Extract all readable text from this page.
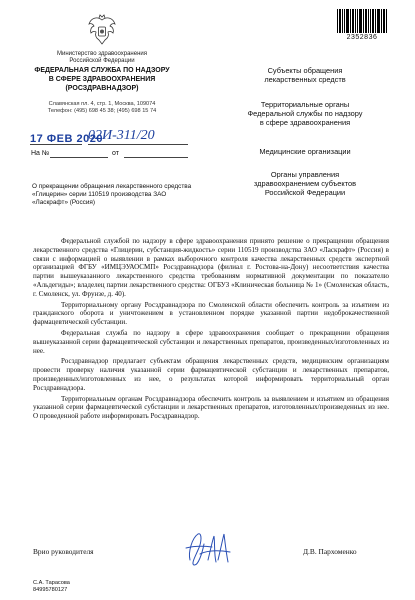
2352836
Министерство здравоохранения
Российской Федерации
ФЕДЕРАЛЬНАЯ СЛУЖБА ПО НАДЗОРУ
В СФЕРЕ ЗДРАВООХРАНЕНИЯ
(РОСЗДРАВНАДЗОР)
Славянская пл. 4, стр. 1, Москва, 109074
Телефон: (495) 698 45 38; (495) 698 15 74
17 ФЕВ 2020
02И-311/20
На №	от
О прекращении обращения лекарственного средства «Глицерин» серии 110519 производства ЗАО «Ласкрафт» (Россия)
Субъекты обращения
лекарственных средств
Территориальные органы
Федеральной службы по надзору
в сфере здравоохранения
Медицинские организации
Органы управления
здравоохранением субъектов
Российской Федерации

Федеральной службой по надзору в сфере здравоохранения принято решение о прекращении обращения лекарственного средства «Глицерин, субстанция-жидкость» серии 110519 производства ЗАО «Ласкрафт» (Россия) в связи с информацией о выявлении в рамках выборочного контроля качества лекарственных средств экспертной организацией ФГБУ «ИМЦЭУАОСМП» Росздравнадзора (филиал г. Ростова-на-Дону) несоответствия качества партии вышеуказанного лекарственного средства требованиям нормативной документации по показателю «Альдегиды»; владелец партии лекарственного средства: ОГБУЗ «Клиническая больница № 1» (Смоленская область, г. Смоленск, ул. Фрунзе, д. 40).

Территориальному органу Росздравнадзора по Смоленской области обеспечить контроль за изъятием из гражданского оборота и уничтожением в установленном порядке указанной партии недоброкачественной фармацевтической субстанции.

Федеральная служба по надзору в сфере здравоохранения сообщает о прекращении обращения вышеуказанной серии фармацевтической субстанции и лекарственных препаратов, произведенных/изготовленных из нее.

Росздравнадзор предлагает субъектам обращения лекарственных средств, медицинским организациям провести проверку наличия указанной серии фармацевтической субстанции и лекарственных препаратов, произведенных/изготовленных из нее, о результатах которой информировать территориальный орган Росздравнадзора.

Территориальным органам Росздравнадзора обеспечить контроль за выявлением и изъятием из обращения указанной серии фармацевтической субстанции и лекарственных препаратов, изготовленных/произведенных из нее. О проведенной работе информировать Росздравнадзор.

Врио руководителя	Д.В. Пархоменко
С.А. Тарасова
84995780127
